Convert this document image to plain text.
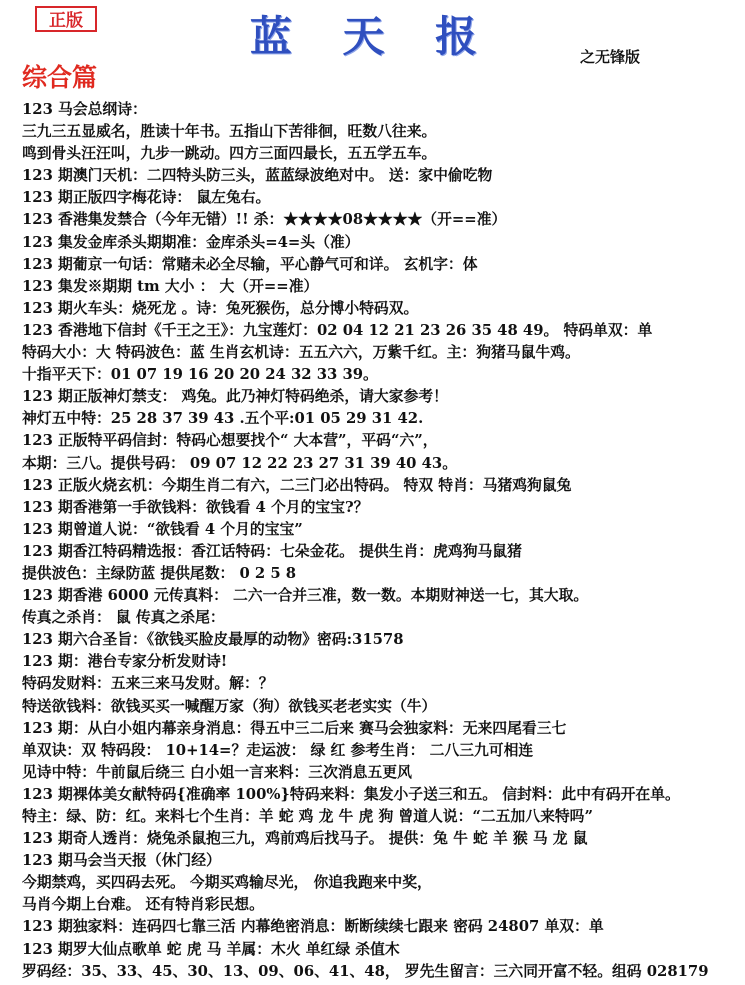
正版	蓝 天 报	之无锋版
综合篇
123 马会总纲诗：
三九三五显威名，胜读十年书。五指山下苦徘徊，旺数八往来。
鸣到骨头汪汪叫，九步一跳动。四方三面四最长，五五学五车。
123 期澳门天机：二四特头防三头，蓝蓝绿波绝对中。 送：家中偷吃物
123 期正版四字梅花诗： 鼠左兔右。
123 香港集发禁合（今年无错）!! 杀：★★★★08★★★★（开==准）
123 集发金库杀头期期准：金库杀头=4=头（准）
123 期葡京一句话：常赌未必全尽输，平心静气可和详。 玄机字：体
123 集发※期期 tm 大小 ： 大（开==准）
123 期火车头：烧死龙 。诗：兔死猴伤，总分博小特码双。
123 香港地下信封《千王之王》：九宝莲灯：02 04 12 21 23 26 35 48 49。 特码单双：单
特码大小：大 特码波色：蓝 生肖玄机诗：五五六六，万紫千红。主：狗猪马鼠牛鸡。
十指平天下：01 07 19 16 20 20 24 32 33 39。
123 期正版神灯禁支： 鸡兔。此乃神灯特码绝杀，请大家参考！
神灯五中特：25 28 37 39 43 .五个平:01 05 29 31 42.
123 正版特平码信封：特码心想要找个“ 大本营”，平码“六”，
本期：三八。提供号码： 09 07 12 22 23 27 31 39 40 43。
123 正版火烧玄机：今期生肖二有六，二三门必出特码。 特双 特肖：马猪鸡狗鼠兔
123 期香港第一手欲钱料：欲钱看 4 个月的宝宝?？
123 期曾道人说：“欲钱看 4 个月的宝宝”
123 期香江特码精选报：香江话特码：七朵金花。 提供生肖：虎鸡狗马鼠猪
提供波色：主绿防蓝 提供尾数： 0 2 5 8
123 期香港 6000 元传真料： 二六一合并三准，数一数。本期财神送一七，其大取。
传真之杀肖： 鼠 传真之杀尾：
123 期六合圣旨：《欲钱买脸皮最厚的动物》密码:31578
123 期：港台专家分析发财诗!
特码发财料：五来三来马发财。解：？
特送欲钱料：欲钱买买一喊醒万家（狗）欲钱买老老实实（牛）
123 期：从白小姐内幕亲身消息：得五中三二后来 赛马会独家料：无来四尾看三七
单双诀：双 特码段： 10+14=？走运波： 绿 红 参考生肖： 二八三九可相连
见诗中特：牛前鼠后绕三 白小姐一言来料：三次消息五更风
123 期裸体美女献特码{准确率 100%}特码来料：集发小子送三和五。 信封料：此中有码开在单。
特主：绿、防：红。来料七个生肖：羊 蛇 鸡 龙 牛 虎 狗 曾道人说：“二五加八来特吗”
123 期奇人透肖：烧兔杀鼠抱三九，鸡前鸡后找马子。 提供：兔 牛 蛇 羊 猴 马 龙 鼠
123 期马会当天报（休门经）
今期禁鸡，买四码去死。 今期买鸡输尽光， 你追我跑来中奖，
马肖今期上台难。 还有特肖彩民想。
123 期独家料：连码四七靠三活 内幕绝密消息：断断续续七跟来 密码 24807 单双：单
123 期罗大仙点歌单 蛇 虎 马 羊属：木火 单红绿 杀值木
罗码经：35、33、45、30、13、09、06、41、48， 罗先生留言：三六同开富不轻。组码 028179
